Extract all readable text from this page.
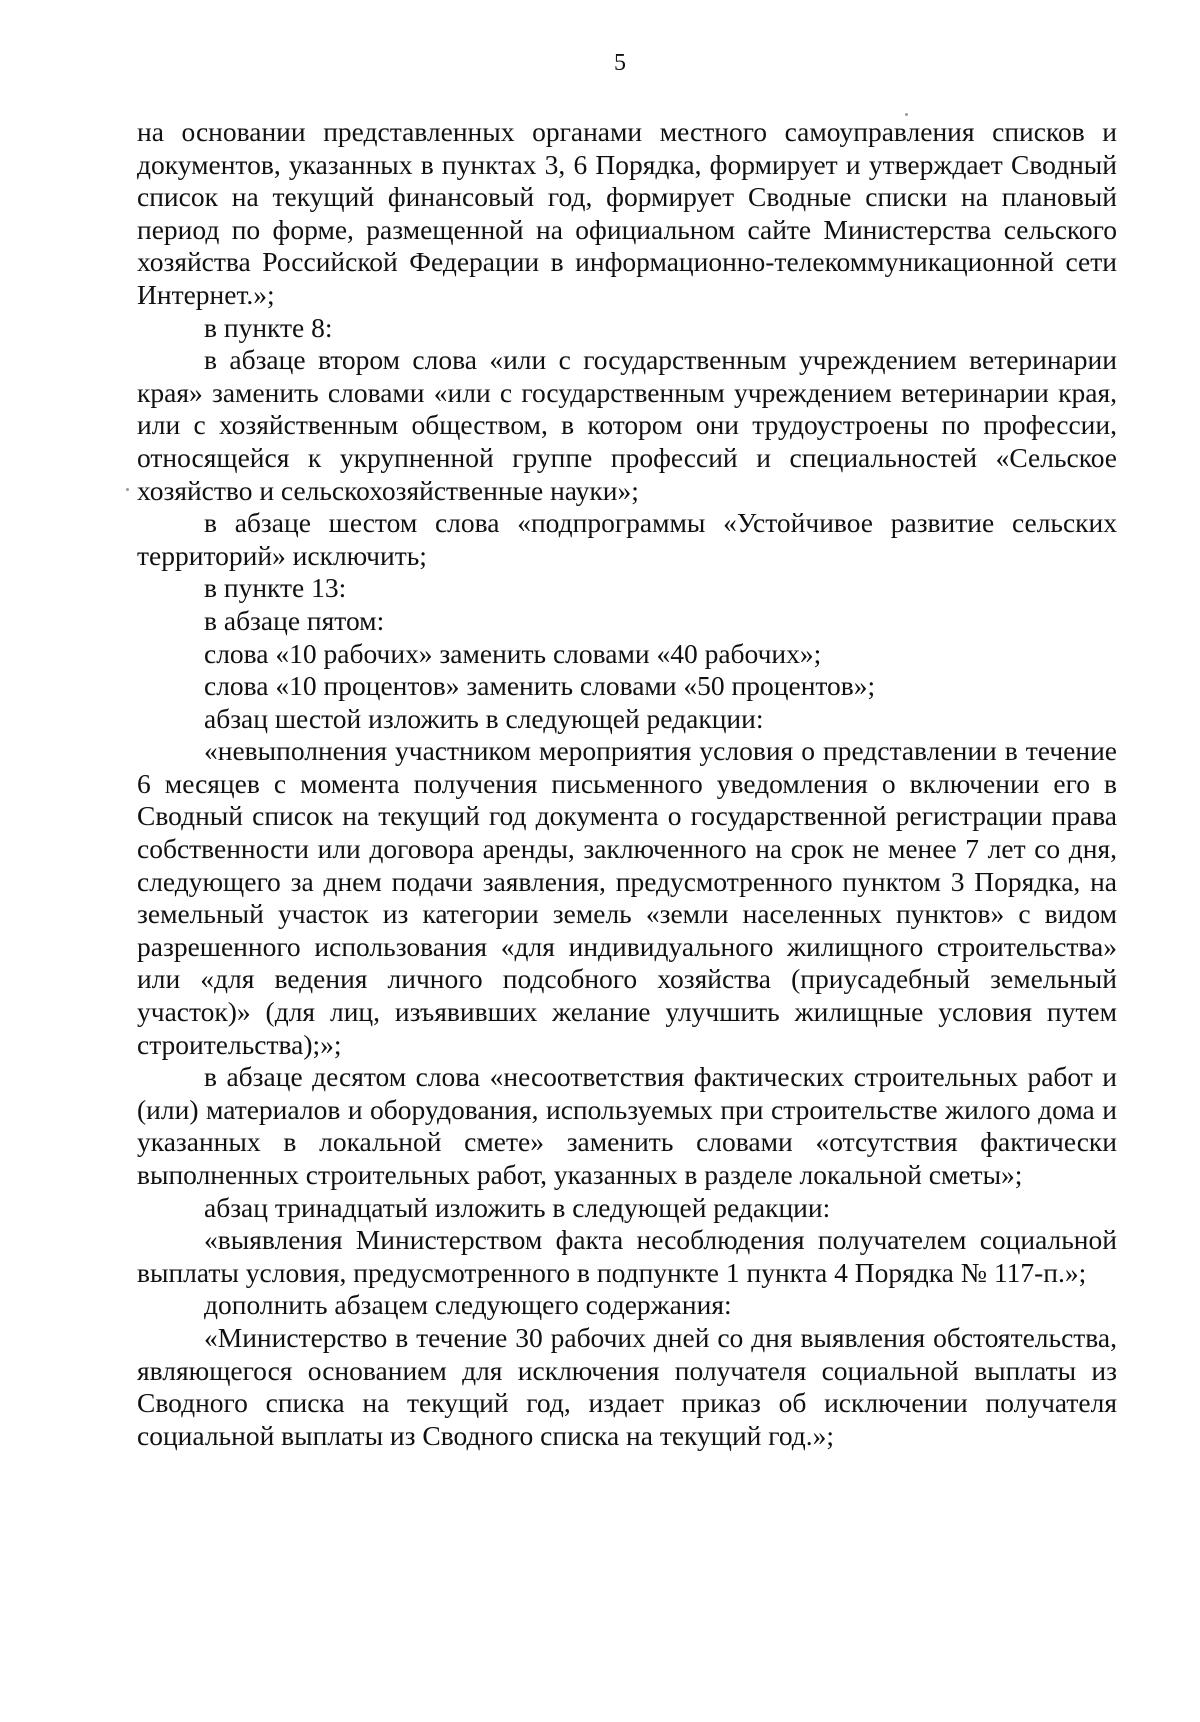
5

на основании представленных органами местного самоуправления списков и документов, указанных в пунктах 3, 6 Порядка, формирует и утверждает Сводный список на текущий финансовый год, формирует Сводные списки на плановый период по форме, размещенной на официальном сайте Министерства сельского хозяйства Российской Федерации в информационно-телекоммуникационной сети Интернет.»;

в пункте 8:

в абзаце втором слова «или с государственным учреждением ветеринарии края» заменить словами «или с государственным учреждением ветеринарии края, или с хозяйственным обществом, в котором они трудоустроены по профессии, относящейся к укрупненной группе профессий и специальностей «Сельское хозяйство и сельскохозяйственные науки»;

в абзаце шестом слова «подпрограммы «Устойчивое развитие сельских территорий» исключить;

в пункте 13:

в абзаце пятом:

слова «10 рабочих» заменить словами «40 рабочих»;

слова «10 процентов» заменить словами «50 процентов»;

абзац шестой изложить в следующей редакции:

«невыполнения участником мероприятия условия о представлении в течение 6 месяцев с момента получения письменного уведомления о включении его в Сводный список на текущий год документа о государственной регистрации права собственности или договора аренды, заключенного на срок не менее 7 лет со дня, следующего за днем подачи заявления, предусмотренного пунктом 3 Порядка, на земельный участок из категории земель «земли населенных пунктов» с видом разрешенного использования «для индивидуального жилищного строительства» или «для ведения личного подсобного хозяйства (приусадебный земельный участок)» (для лиц, изъявивших желание улучшить жилищные условия путем строительства);»;

в абзаце десятом слова «несоответствия фактических строительных работ и (или) материалов и оборудования, используемых при строительстве жилого дома и указанных в локальной смете» заменить словами «отсутствия фактически выполненных строительных работ, указанных в разделе локальной сметы»;

абзац тринадцатый изложить в следующей редакции:

«выявления Министерством факта несоблюдения получателем социальной выплаты условия, предусмотренного в подпункте 1 пункта 4 Порядка № 117-п.»;

дополнить абзацем следующего содержания:

«Министерство в течение 30 рабочих дней со дня выявления обстоятельства, являющегося основанием для исключения получателя социальной выплаты из Сводного списка на текущий год, издает приказ об исключении получателя социальной выплаты из Сводного списка на текущий год.»;
